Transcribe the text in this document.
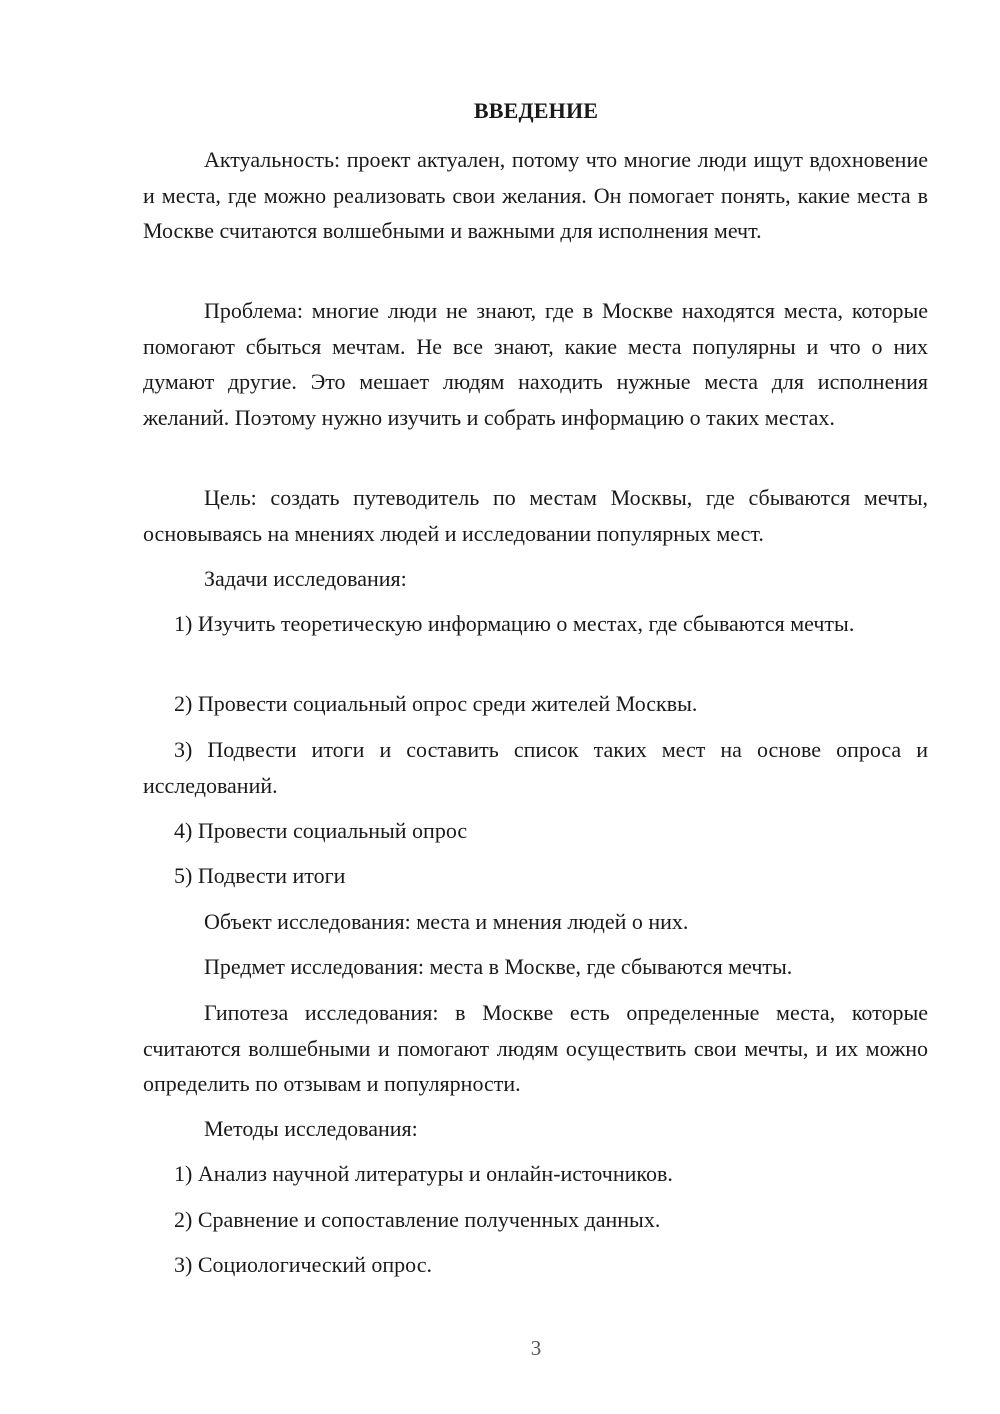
ВВЕДЕНИЕ

Актуальность: проект актуален, потому что многие люди ищут вдохновение и места, где можно реализовать свои желания. Он помогает понять, какие места в Москве считаются волшебными и важными для исполнения мечт.

Проблема: многие люди не знают, где в Москве находятся места, которые помогают сбыться мечтам. Не все знают, какие места популярны и что о них думают другие. Это мешает людям находить нужные места для исполнения желаний. Поэтому нужно изучить и собрать информацию о таких местах.

Цель: создать путеводитель по местам Москвы, где сбываются мечты, основываясь на мнениях людей и исследовании популярных мест.

Задачи исследования:

1) Изучить теоретическую информацию о местах, где сбываются мечты.

2) Провести социальный опрос среди жителей Москвы.

3) Подвести итоги и составить список таких мест на основе опроса и исследований.

4) Провести социальный опрос

5) Подвести итоги

Объект исследования: места и мнения людей о них.

Предмет исследования: места в Москве, где сбываются мечты.

Гипотеза исследования: в Москве есть определенные места, которые считаются волшебными и помогают людям осуществить свои мечты, и их можно определить по отзывам и популярности.

Методы исследования:

1) Анализ научной литературы и онлайн-источников.

2) Сравнение и сопоставление полученных данных.

3) Социологический опрос.

3
